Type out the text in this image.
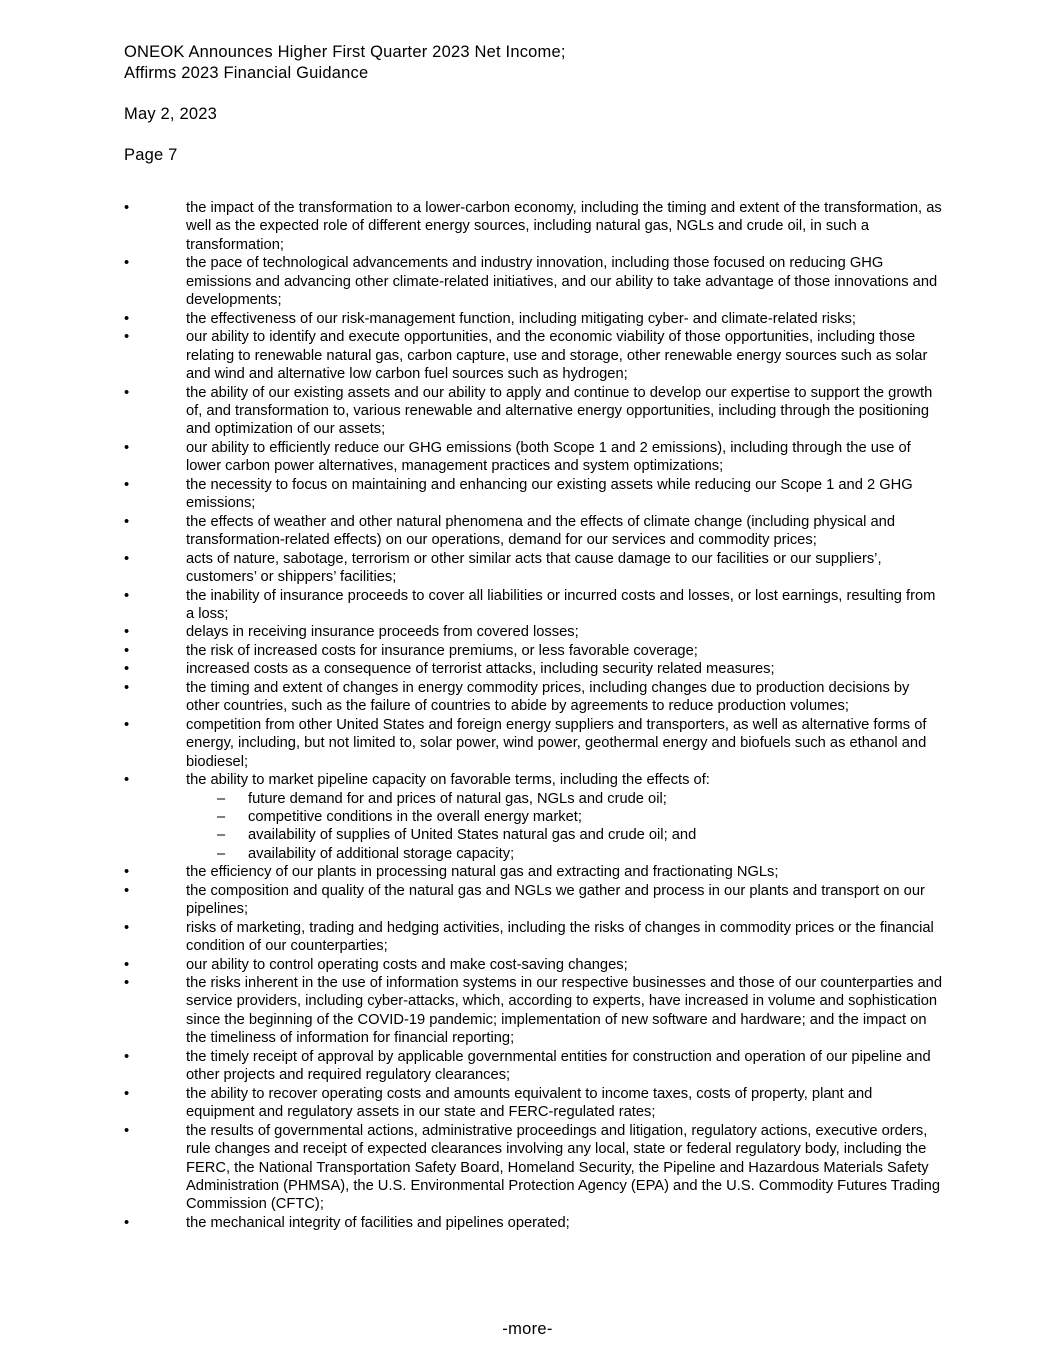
ONEOK Announces Higher First Quarter 2023 Net Income;
Affirms 2023 Financial Guidance
May 2, 2023
Page 7
•	the impact of the transformation to a lower-carbon economy, including the timing and extent of the transformation, as well as the expected role of different energy sources, including natural gas, NGLs and crude oil, in such a transformation;
•	the pace of technological advancements and industry innovation, including those focused on reducing GHG emissions and advancing other climate-related initiatives, and our ability to take advantage of those innovations and developments;
•	the effectiveness of our risk-management function, including mitigating cyber- and climate-related risks;
•	our ability to identify and execute opportunities, and the economic viability of those opportunities, including those relating to renewable natural gas, carbon capture, use and storage, other renewable energy sources such as solar and wind and alternative low carbon fuel sources such as hydrogen;
•	the ability of our existing assets and our ability to apply and continue to develop our expertise to support the growth of, and transformation to, various renewable and alternative energy opportunities, including through the positioning and optimization of our assets;
•	our ability to efficiently reduce our GHG emissions (both Scope 1 and 2 emissions), including through the use of lower carbon power alternatives, management practices and system optimizations;
•	the necessity to focus on maintaining and enhancing our existing assets while reducing our Scope 1 and 2 GHG emissions;
•	the effects of weather and other natural phenomena and the effects of climate change (including physical and transformation-related effects) on our operations, demand for our services and commodity prices;
•	acts of nature, sabotage, terrorism or other similar acts that cause damage to our facilities or our suppliers’, customers’ or shippers’ facilities;
•	the inability of insurance proceeds to cover all liabilities or incurred costs and losses, or lost earnings, resulting from a loss;
•	delays in receiving insurance proceeds from covered losses;
•	the risk of increased costs for insurance premiums, or less favorable coverage;
•	increased costs as a consequence of terrorist attacks, including security related measures;
•	the timing and extent of changes in energy commodity prices, including changes due to production decisions by other countries, such as the failure of countries to abide by agreements to reduce production volumes;
•	competition from other United States and foreign energy suppliers and transporters, as well as alternative forms of energy, including, but not limited to, solar power, wind power, geothermal energy and biofuels such as ethanol and biodiesel;
•	the ability to market pipeline capacity on favorable terms, including the effects of:
– future demand for and prices of natural gas, NGLs and crude oil;
– competitive conditions in the overall energy market;
– availability of supplies of United States natural gas and crude oil; and
– availability of additional storage capacity;
•	the efficiency of our plants in processing natural gas and extracting and fractionating NGLs;
•	the composition and quality of the natural gas and NGLs we gather and process in our plants and transport on our pipelines;
•	risks of marketing, trading and hedging activities, including the risks of changes in commodity prices or the financial condition of our counterparties;
•	our ability to control operating costs and make cost-saving changes;
•	the risks inherent in the use of information systems in our respective businesses and those of our counterparties and service providers, including cyber-attacks, which, according to experts, have increased in volume and sophistication since the beginning of the COVID-19 pandemic; implementation of new software and hardware; and the impact on the timeliness of information for financial reporting;
•	the timely receipt of approval by applicable governmental entities for construction and operation of our pipeline and other projects and required regulatory clearances;
•	the ability to recover operating costs and amounts equivalent to income taxes, costs of property, plant and equipment and regulatory assets in our state and FERC-regulated rates;
•	the results of governmental actions, administrative proceedings and litigation, regulatory actions, executive orders, rule changes and receipt of expected clearances involving any local, state or federal regulatory body, including the FERC, the National Transportation Safety Board, Homeland Security, the Pipeline and Hazardous Materials Safety Administration (PHMSA), the U.S. Environmental Protection Agency (EPA) and the U.S. Commodity Futures Trading Commission (CFTC);
•	the mechanical integrity of facilities and pipelines operated;
-more-
